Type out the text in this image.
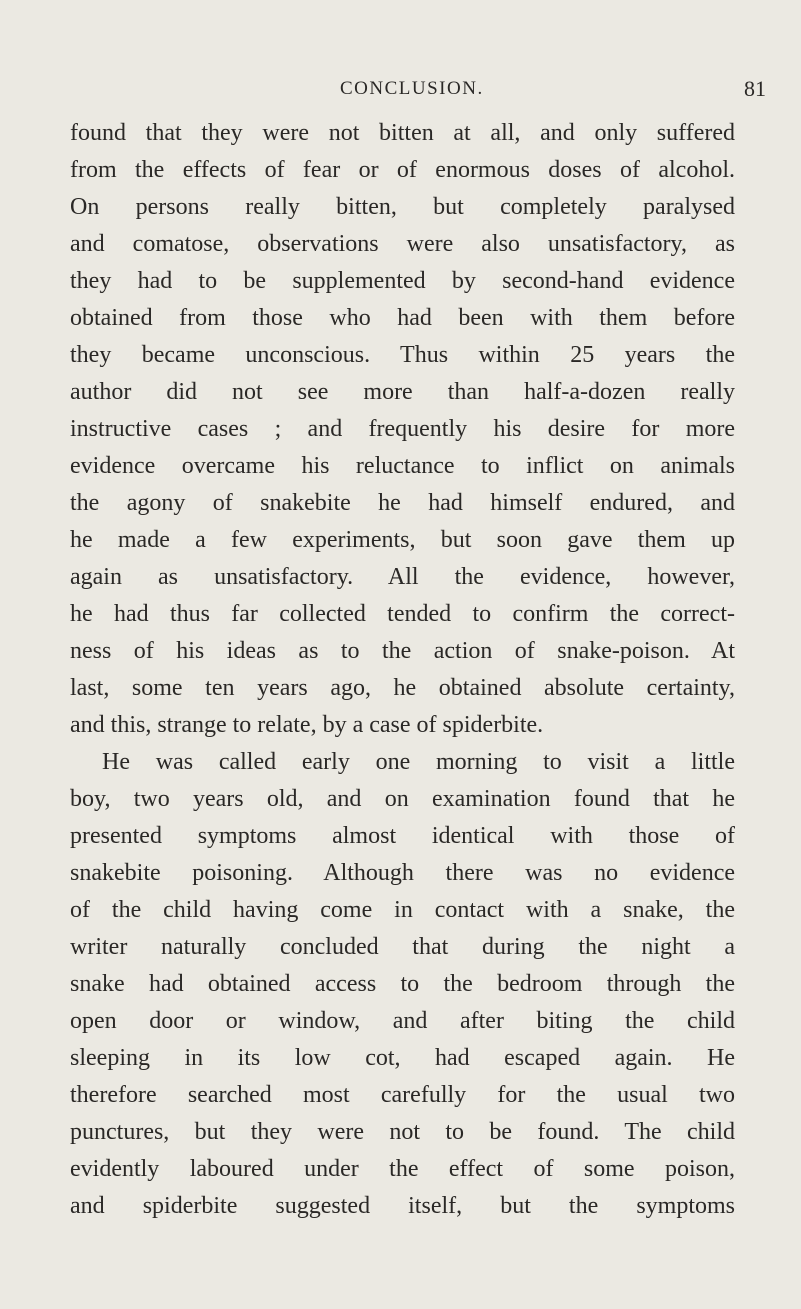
CONCLUSION.	81
found that they were not bitten at all, and only suffered
from the effects of fear or of enormous doses of alcohol.
On persons really bitten, but completely paralysed
and comatose, observations were also unsatisfactory, as
they had to be supplemented by second-hand evidence
obtained from those who had been with them before
they became unconscious. Thus within 25 years the
author did not see more than half-a-dozen really
instructive cases ; and frequently his desire for more
evidence overcame his reluctance to inflict on animals
the agony of snakebite he had himself endured, and
he made a few experiments, but soon gave them up
again as unsatisfactory. All the evidence, however,
he had thus far collected tended to confirm the correct-
ness of his ideas as to the action of snake-poison. At
last, some ten years ago, he obtained absolute certainty,
and this, strange to relate, by a case of spiderbite.
He was called early one morning to visit a little
boy, two years old, and on examination found that he
presented symptoms almost identical with those of
snakebite poisoning. Although there was no evidence
of the child having come in contact with a snake, the
writer naturally concluded that during the night a
snake had obtained access to the bedroom through the
open door or window, and after biting the child
sleeping in its low cot, had escaped again. He
therefore searched most carefully for the usual two
punctures, but they were not to be found. The child
evidently laboured under the effect of some poison,
and spiderbite suggested itself, but the symptoms
